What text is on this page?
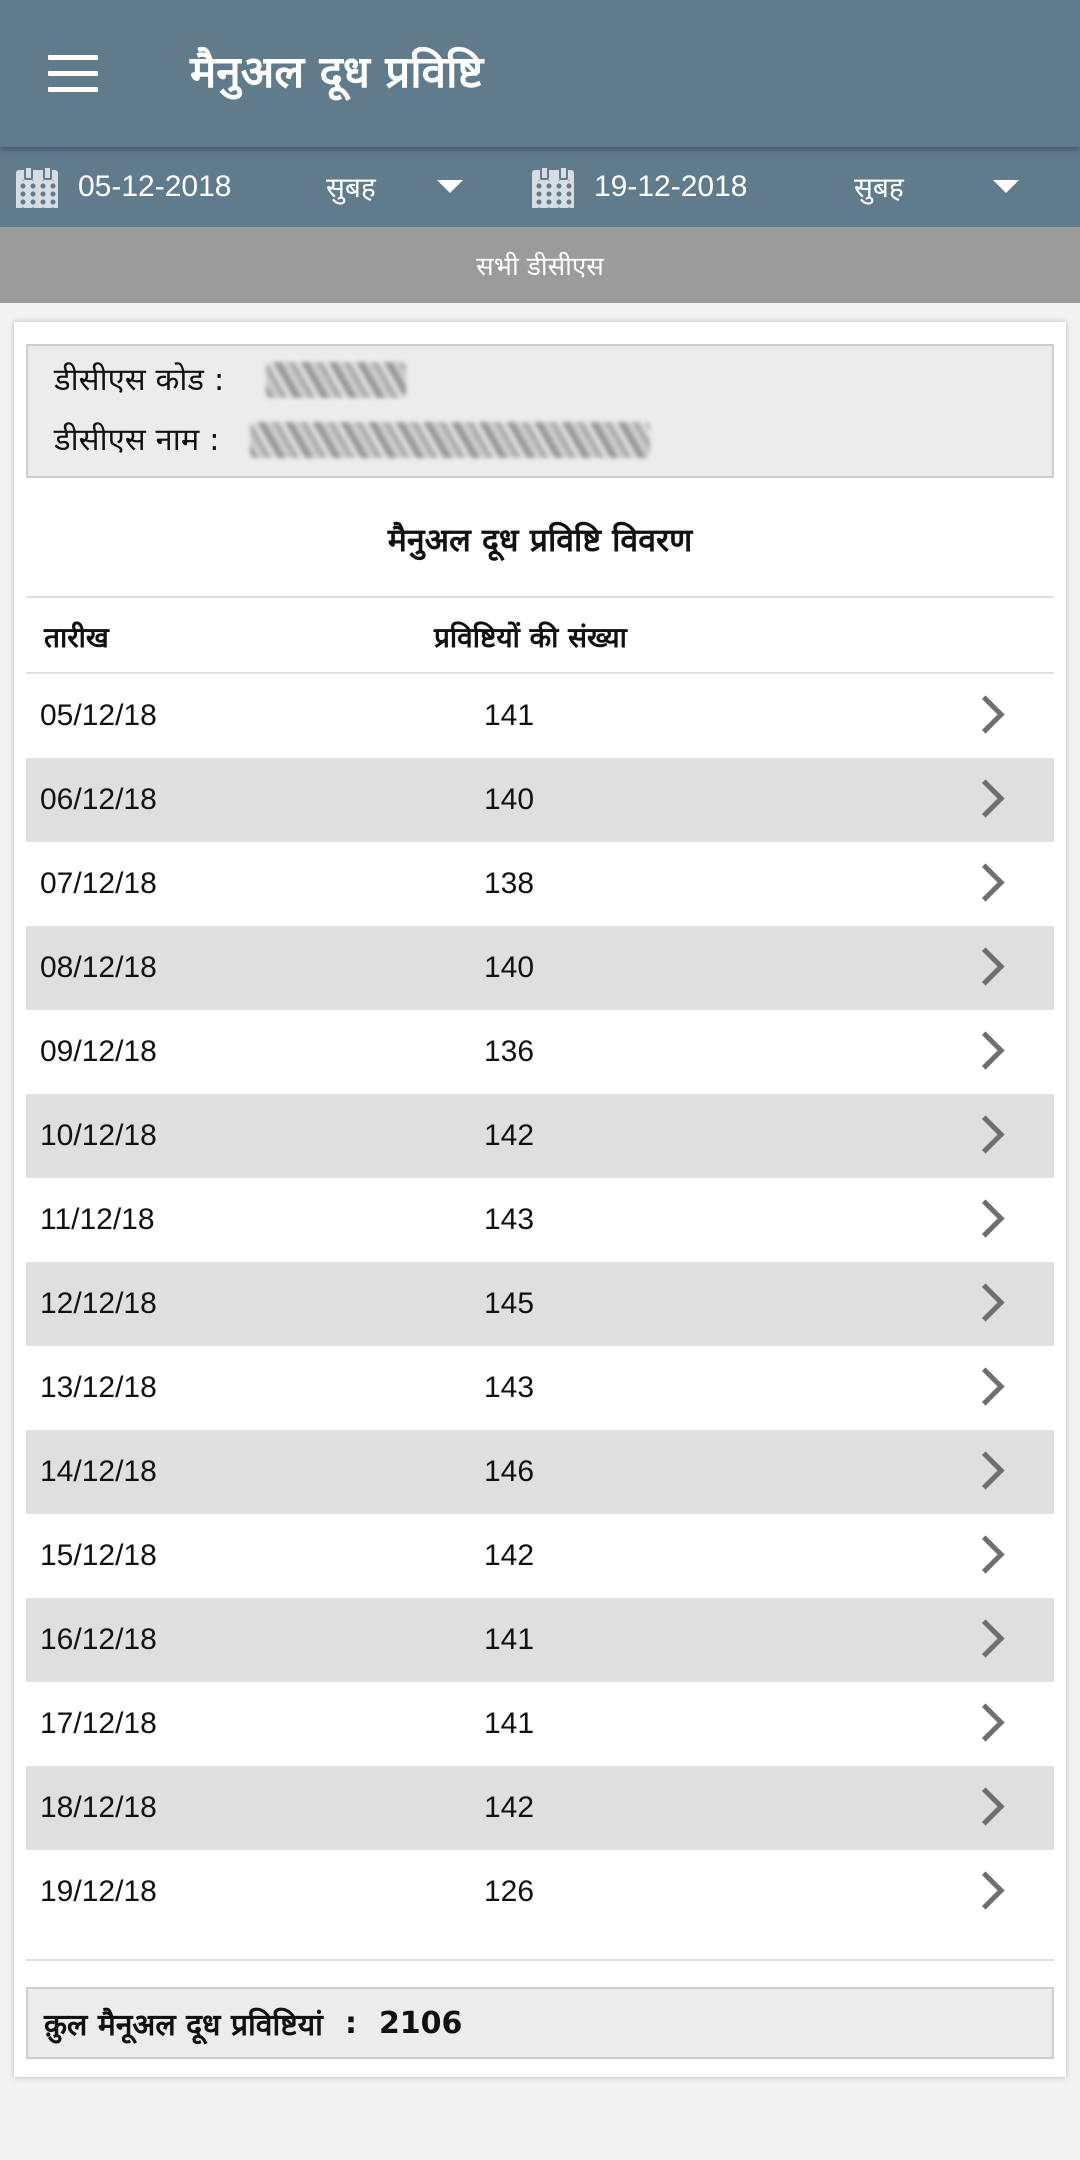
मैनुअल दूध प्रविष्टि
05-12-2018	सुबह	19-12-2018	सुबह
सभी डीसीएस
डीसीएस कोड :
डीसीएस नाम :
मैनुअल दूध प्रविष्टि विवरण
तारीख	प्रविष्टियों की संख्या
05/12/18	141
06/12/18	140
07/12/18	138
08/12/18	140
09/12/18	136
10/12/18	142
11/12/18	143
12/12/18	145
13/12/18	143
14/12/18	146
15/12/18	142
16/12/18	141
17/12/18	141
18/12/18	142
19/12/18	126
क़ुल मैनूअल दूध प्रविष्टियां : 2106
